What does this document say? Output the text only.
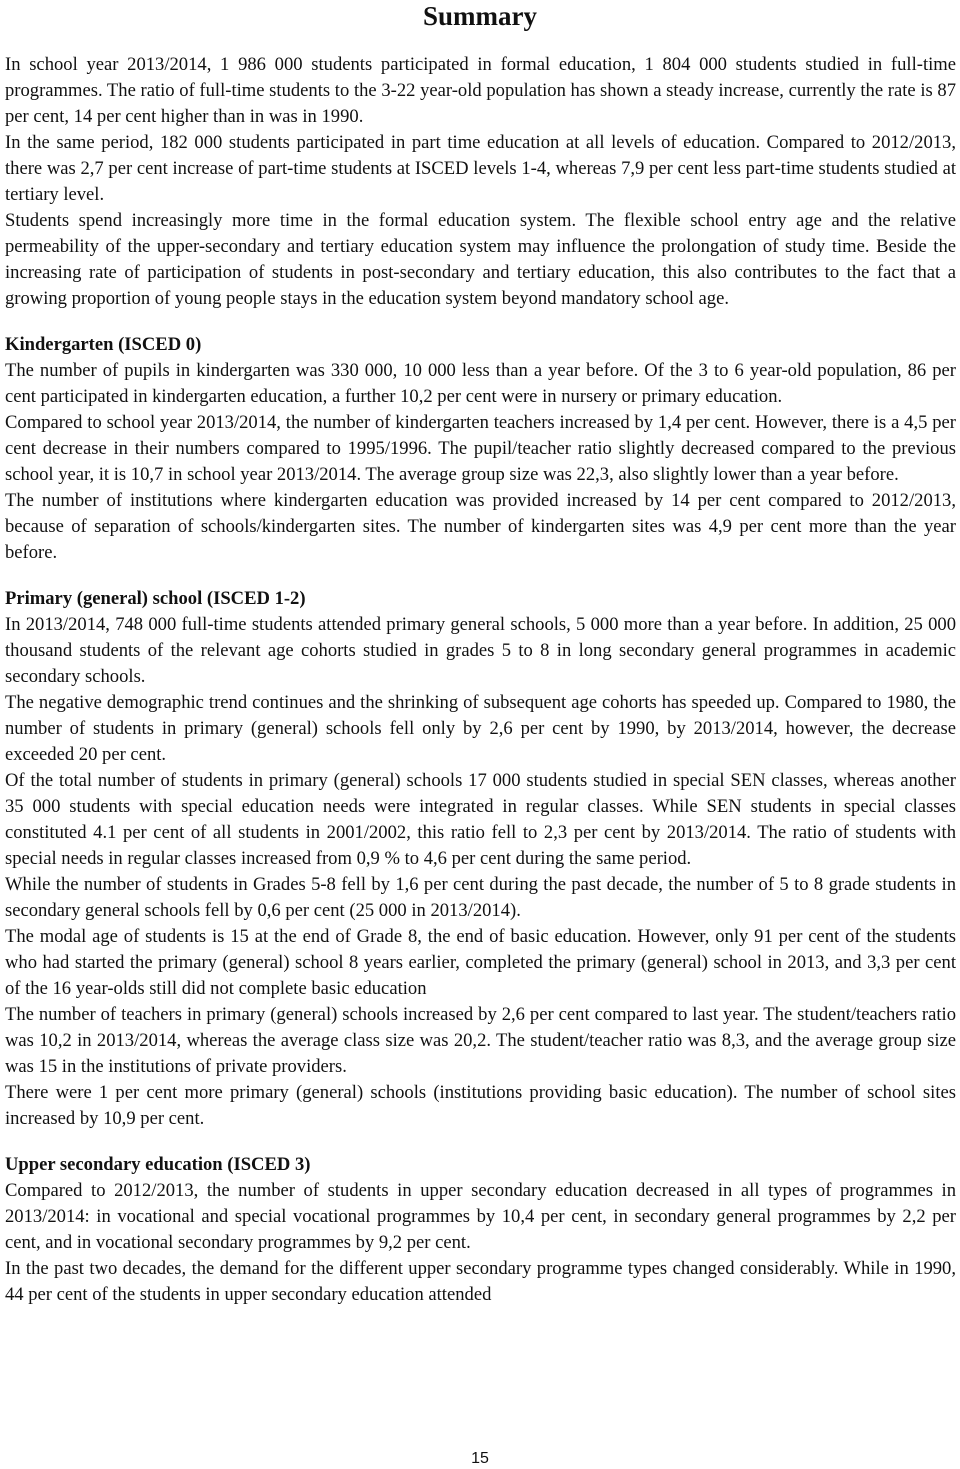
Summary

In school year 2013/2014, 1 986 000 students participated in formal education, 1 804 000 students studied in full-time programmes. The ratio of full-time students to the 3-22 year-old population has shown a steady increase, currently the rate is 87 per cent, 14 per cent higher than in was in 1990.

In the same period, 182 000 students participated in part time education at all levels of education. Compared to 2012/2013, there was 2,7 per cent increase of part-time students at ISCED levels 1-4, whereas 7,9 per cent less part-time students studied at tertiary level.

Students spend increasingly more time in the formal education system. The flexible school entry age and the relative permeability of the upper-secondary and tertiary education system may influence the prolongation of study time. Beside the increasing rate of participation of students in post-secondary and tertiary education, this also contributes to the fact that a growing proportion of young people stays in the education system beyond mandatory school age.

Kindergarten (ISCED 0)

The number of pupils in kindergarten was 330 000, 10 000 less than a year before. Of the 3 to 6 year-old population, 86 per cent participated in kindergarten education, a further 10,2 per cent were in nursery or primary education.

Compared to school year 2013/2014, the number of kindergarten teachers increased by 1,4 per cent. However, there is a 4,5 per cent decrease in their numbers compared to 1995/1996. The pupil/teacher ratio slightly decreased compared to the previous school year, it is 10,7 in school year 2013/2014. The average group size was 22,3, also slightly lower than a year before.

The number of institutions where kindergarten education was provided increased by 14 per cent compared to 2012/2013, because of separation of schools/kindergarten sites. The number of kindergarten sites was 4,9 per cent more than the year before.

Primary (general) school (ISCED 1-2)

In 2013/2014, 748 000 full-time students attended primary general schools, 5 000 more than a year before. In addition, 25 000 thousand students of the relevant age cohorts studied in grades 5 to 8 in long secondary general programmes in academic secondary schools.

The negative demographic trend continues and the shrinking of subsequent age cohorts has speeded up. Compared to 1980, the number of students in primary (general) schools fell only by 2,6 per cent by 1990, by 2013/2014, however, the decrease exceeded 20 per cent.

Of the total number of students in primary (general) schools 17 000 students studied in special SEN classes, whereas another 35 000 students with special education needs were integrated in regular classes. While SEN students in special classes constituted 4.1 per cent of all students in 2001/2002, this ratio fell to 2,3 per cent by 2013/2014. The ratio of students with special needs in regular classes increased from 0,9 % to 4,6 per cent during the same period.

While the number of students in Grades 5-8 fell by 1,6 per cent during the past decade, the number of 5 to 8 grade students in secondary general schools fell by 0,6 per cent (25 000 in 2013/2014).

The modal age of students is 15 at the end of Grade 8, the end of basic education. However, only 91 per cent of the students who had started the primary (general) school 8 years earlier, completed the primary (general) school in 2013, and 3,3 per cent of the 16 year-olds still did not complete basic education

The number of teachers in primary (general) schools increased by 2,6 per cent compared to last year. The student/teachers ratio was 10,2 in 2013/2014, whereas the average class size was 20,2. The student/teacher ratio was 8,3, and the average group size was 15 in the institutions of private providers.

There were 1 per cent more primary (general) schools (institutions providing basic education). The number of school sites increased by 10,9 per cent.

Upper secondary education (ISCED 3)

Compared to 2012/2013, the number of students in upper secondary education decreased in all types of programmes in 2013/2014: in vocational and special vocational programmes by 10,4 per cent, in secondary general programmes by 2,2 per cent, and in vocational secondary programmes by 9,2 per cent.

In the past two decades, the demand for the different upper secondary programme types changed considerably. While in 1990, 44 per cent of the students in upper secondary education attended

15
